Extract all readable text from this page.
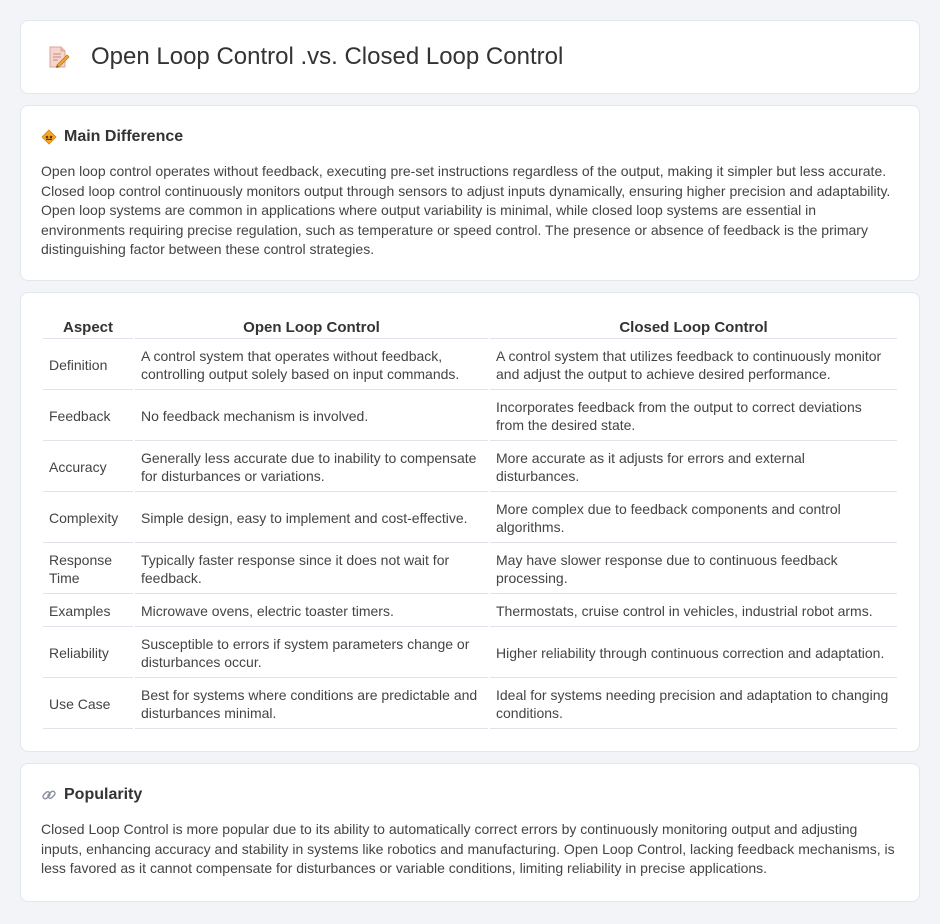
Open Loop Control .vs. Closed Loop Control
Main Difference

Open loop control operates without feedback, executing pre-set instructions regardless of the output, making it simpler but less accurate. Closed loop control continuously monitors output through sensors to adjust inputs dynamically, ensuring higher precision and adaptability. Open loop systems are common in applications where output variability is minimal, while closed loop systems are essential in environments requiring precise regulation, such as temperature or speed control. The presence or absence of feedback is the primary distinguishing factor between these control strategies.

Aspect	Open Loop Control	Closed Loop Control
Definition	A control system that operates without feedback, controlling output solely based on input commands.	A control system that utilizes feedback to continuously monitor and adjust the output to achieve desired performance.
Feedback	No feedback mechanism is involved.	Incorporates feedback from the output to correct deviations from the desired state.
Accuracy	Generally less accurate due to inability to compensate for disturbances or variations.	More accurate as it adjusts for errors and external disturbances.
Complexity	Simple design, easy to implement and cost-effective.	More complex due to feedback components and control algorithms.
Response Time	Typically faster response since it does not wait for feedback.	May have slower response due to continuous feedback processing.
Examples	Microwave ovens, electric toaster timers.	Thermostats, cruise control in vehicles, industrial robot arms.
Reliability	Susceptible to errors if system parameters change or disturbances occur.	Higher reliability through continuous correction and adaptation.
Use Case	Best for systems where conditions are predictable and disturbances minimal.	Ideal for systems needing precision and adaptation to changing conditions.
Popularity

Closed Loop Control is more popular due to its ability to automatically correct errors by continuously monitoring output and adjusting inputs, enhancing accuracy and stability in systems like robotics and manufacturing. Open Loop Control, lacking feedback mechanisms, is less favored as it cannot compensate for disturbances or variable conditions, limiting reliability in precise applications.
